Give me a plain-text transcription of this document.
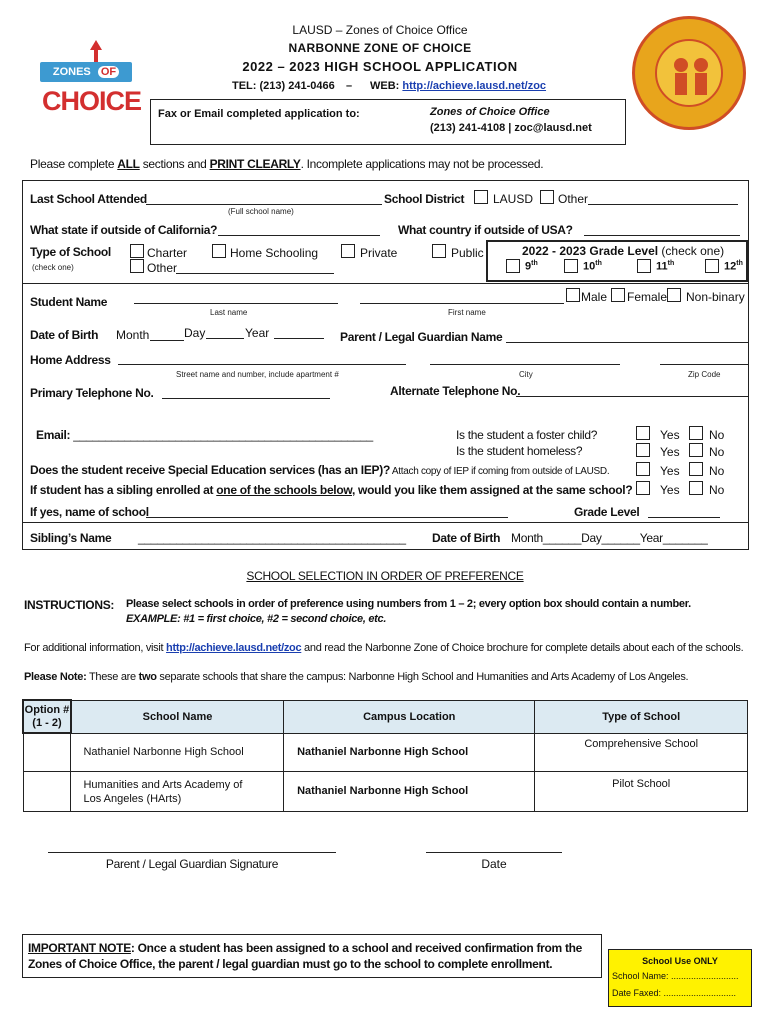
ZONES OF
CHOICE
LAUSD – Zones of Choice Office
NARBONNE ZONE OF CHOICE
2022 – 2023 HIGH SCHOOL APPLICATION
TEL: (213) 241-0466 – WEB: http://achieve.lausd.net/zoc
Fax or Email completed application to:	Zones of Choice Office
(213) 241-4108 | zoc@lausd.net
Please complete ALL sections and PRINT CLEARLY. Incomplete applications may not be processed.
Last School Attended
(Full school name)
School District LAUSD Other
What state if outside of California?	What country if outside of USA?
Type of School
(check one)
Charter
Other
Home Schooling	Private	Public	2022 - 2023 Grade Level (check one)
9th	10th	11th	12th
Student Name
Last name	First name
Male Female Non-binary
Date of Birth Month	Day	Year	Parent / Legal Guardian Name
Home Address
Street name and number, include apartment #	City	Zip Code
Primary Telephone No.	Alternate Telephone No.
Email: _______________________________________________	Is the student a foster child?
Is the student homeless?
Yes No
Yes No
Does the student receive Special Education services (has an IEP)? Attach copy of IEP if coming from outside of LAUSD.	Yes No
If student has a sibling enrolled at one of the schools below, would you like them assigned at the same school? Yes No
If yes, name of school	Grade Level
Sibling’s Name __________________________________________ Date of Birth Month______Day______Year_______
SCHOOL SELECTION IN ORDER OF PREFERENCE
INSTRUCTIONS: Please select schools in order of preference using numbers from 1 – 2; every option box should contain a number.
EXAMPLE: #1 = first choice, #2 = second choice, etc.
For additional information, visit http://achieve.lausd.net/zoc and read the Narbonne Zone of Choice brochure for complete details about each of the schools.
Please Note: These are two separate schools that share the campus: Narbonne High School and Humanities and Arts Academy of Los Angeles.
Option #
(1 - 2)	School Name	Campus Location	Type of School
	Nathaniel Narbonne High School	Nathaniel Narbonne High School	Comprehensive School
	Humanities and Arts Academy of Los Angeles (HArts)	Nathaniel Narbonne High School	Pilot School
Parent / Legal Guardian Signature	Date
IMPORTANT NOTE: Once a student has been assigned to a school and received confirmation from the Zones of Choice Office, the parent / legal guardian must go to the school to complete enrollment.	School Use ONLY
School Name: ...........................
Date Faxed: .............................
